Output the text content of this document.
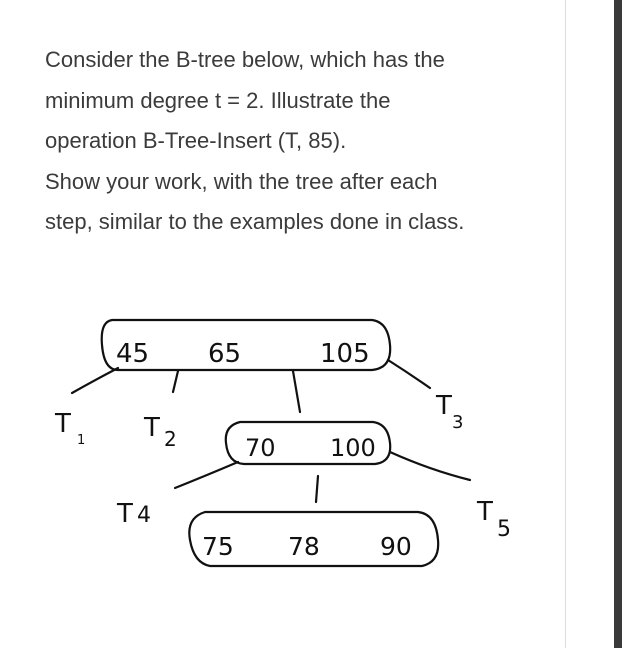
Consider the B-tree below, which has the

minimum degree t = 2. Illustrate the

operation B-Tree-Insert (T, 85).

Show your work, with the tree after each

step, similar to the examples done in class.

45 65	105
T
1 T 2
T
3
70 100
T 4	T
5
75 78 90
